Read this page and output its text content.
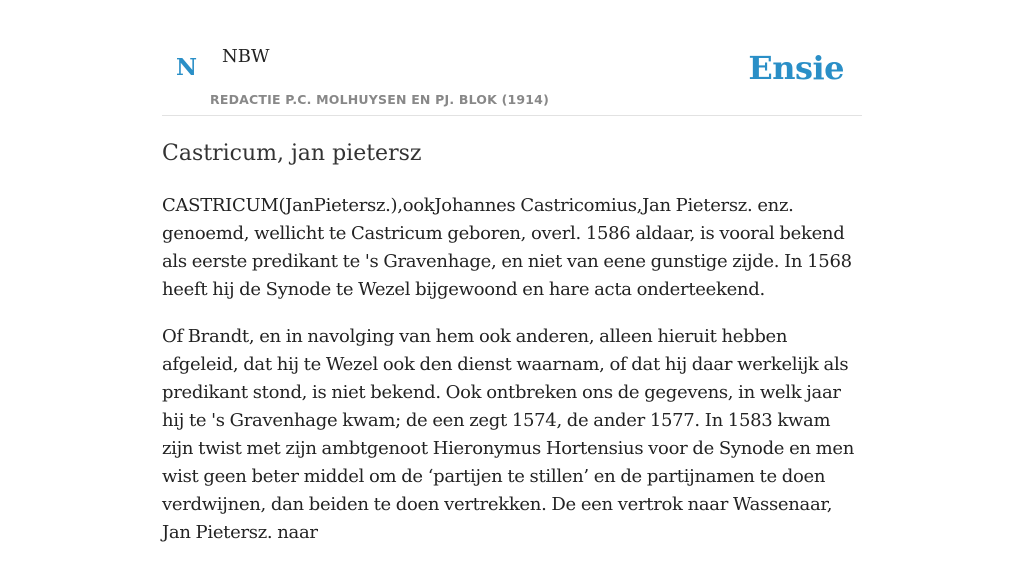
N NBW
REDACTIE P.C. MOLHUYSEN EN PJ. BLOK (1914)
Ensie
Castricum, jan pietersz

CASTRICUM(JanPietersz.),ookJohannes Castricomius,Jan Pietersz. enz. genoemd, wellicht te Castricum geboren, overl. 1586 aldaar, is vooral bekend als eerste predikant te 's Gravenhage, en niet van eene gunstige zijde. In 1568 heeft hij de Synode te Wezel bijgewoond en hare acta onderteekend.

Of Brandt, en in navolging van hem ook anderen, alleen hieruit hebben afgeleid, dat hij te Wezel ook den dienst waarnam, of dat hij daar werkelijk als predikant stond, is niet bekend. Ook ontbreken ons de gegevens, in welk jaar hij te 's Gravenhage kwam; de een zegt 1574, de ander 1577. In 1583 kwam zijn twist met zijn ambtgenoot Hieronymus Hortensius voor de Synode en men wist geen beter middel om de ‘partijen te stillen’ en de partijnamen te doen verdwijnen, dan beiden te doen vertrekken. De een vertrok naar Wassenaar, Jan Pietersz. naar
